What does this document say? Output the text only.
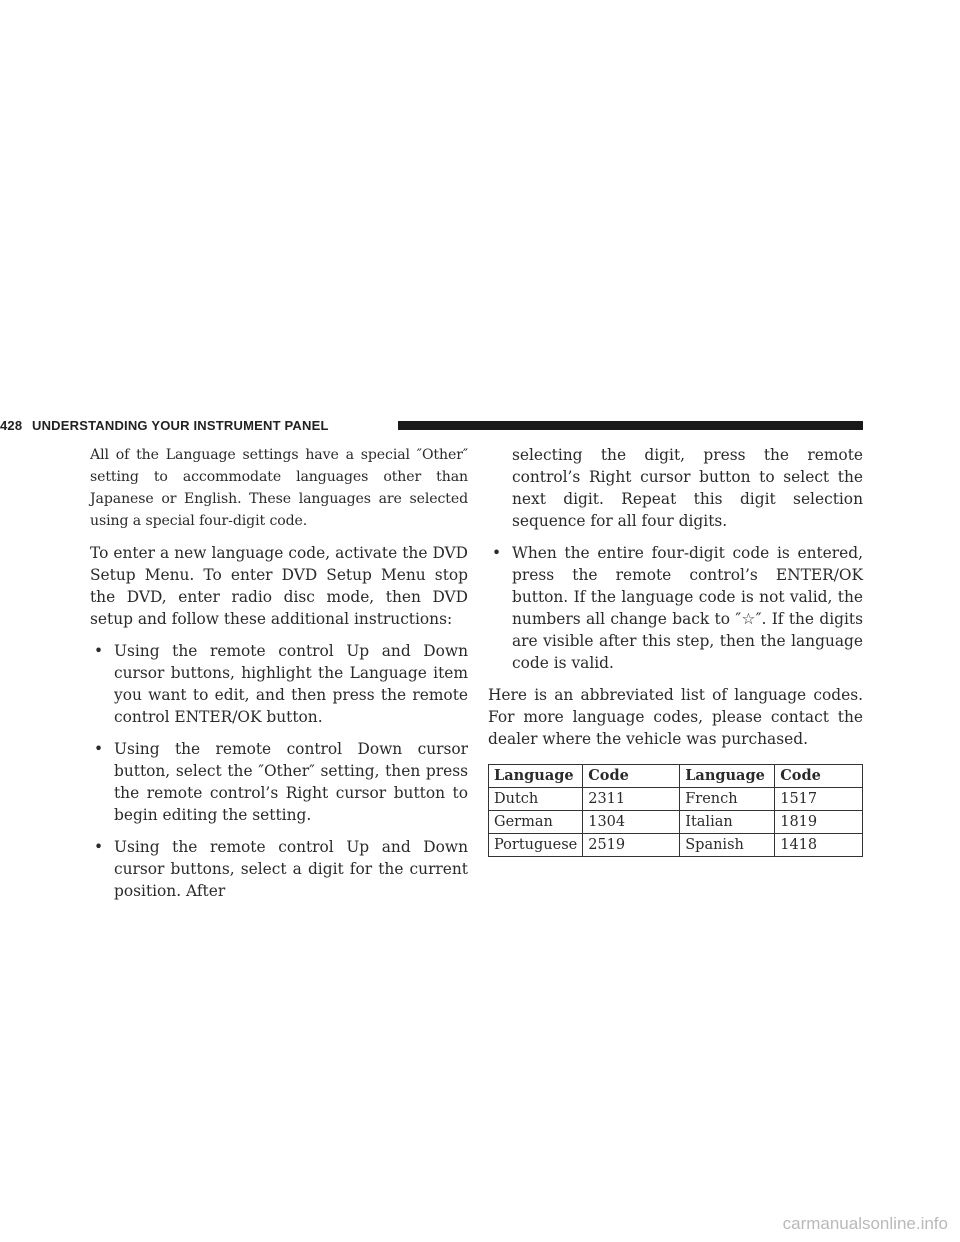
428 UNDERSTANDING YOUR INSTRUMENT PANEL

All of the Language settings have a special ″Other″ setting to accommodate languages other than Japanese or English. These languages are selected using a special four-digit code.

To enter a new language code, activate the DVD Setup Menu. To enter DVD Setup Menu stop the DVD, enter radio disc mode, then DVD setup and follow these additional instructions:

• Using the remote control Up and Down cursor buttons, highlight the Language item you want to edit, and then press the remote control ENTER/OK button.
• Using the remote control Down cursor button, select the ″Other″ setting, then press the remote control’s Right cursor button to begin editing the setting.
• Using the remote control Up and Down cursor buttons, select a digit for the current position. After
selecting the digit, press the remote control’s Right cursor button to select the next digit. Repeat this digit selection sequence for all four digits.
• When the entire four-digit code is entered, press the remote control’s ENTER/OK button. If the language code is not valid, the numbers all change back to ″☆″. If the digits are visible after this step, then the language code is valid.

Here is an abbreviated list of language codes. For more language codes, please contact the dealer where the vehicle was purchased.

Language	Code	Language	Code
Dutch	2311	French	1517
German	1304	Italian	1819
Portuguese	2519	Spanish	1418
carmanualsonline.info
